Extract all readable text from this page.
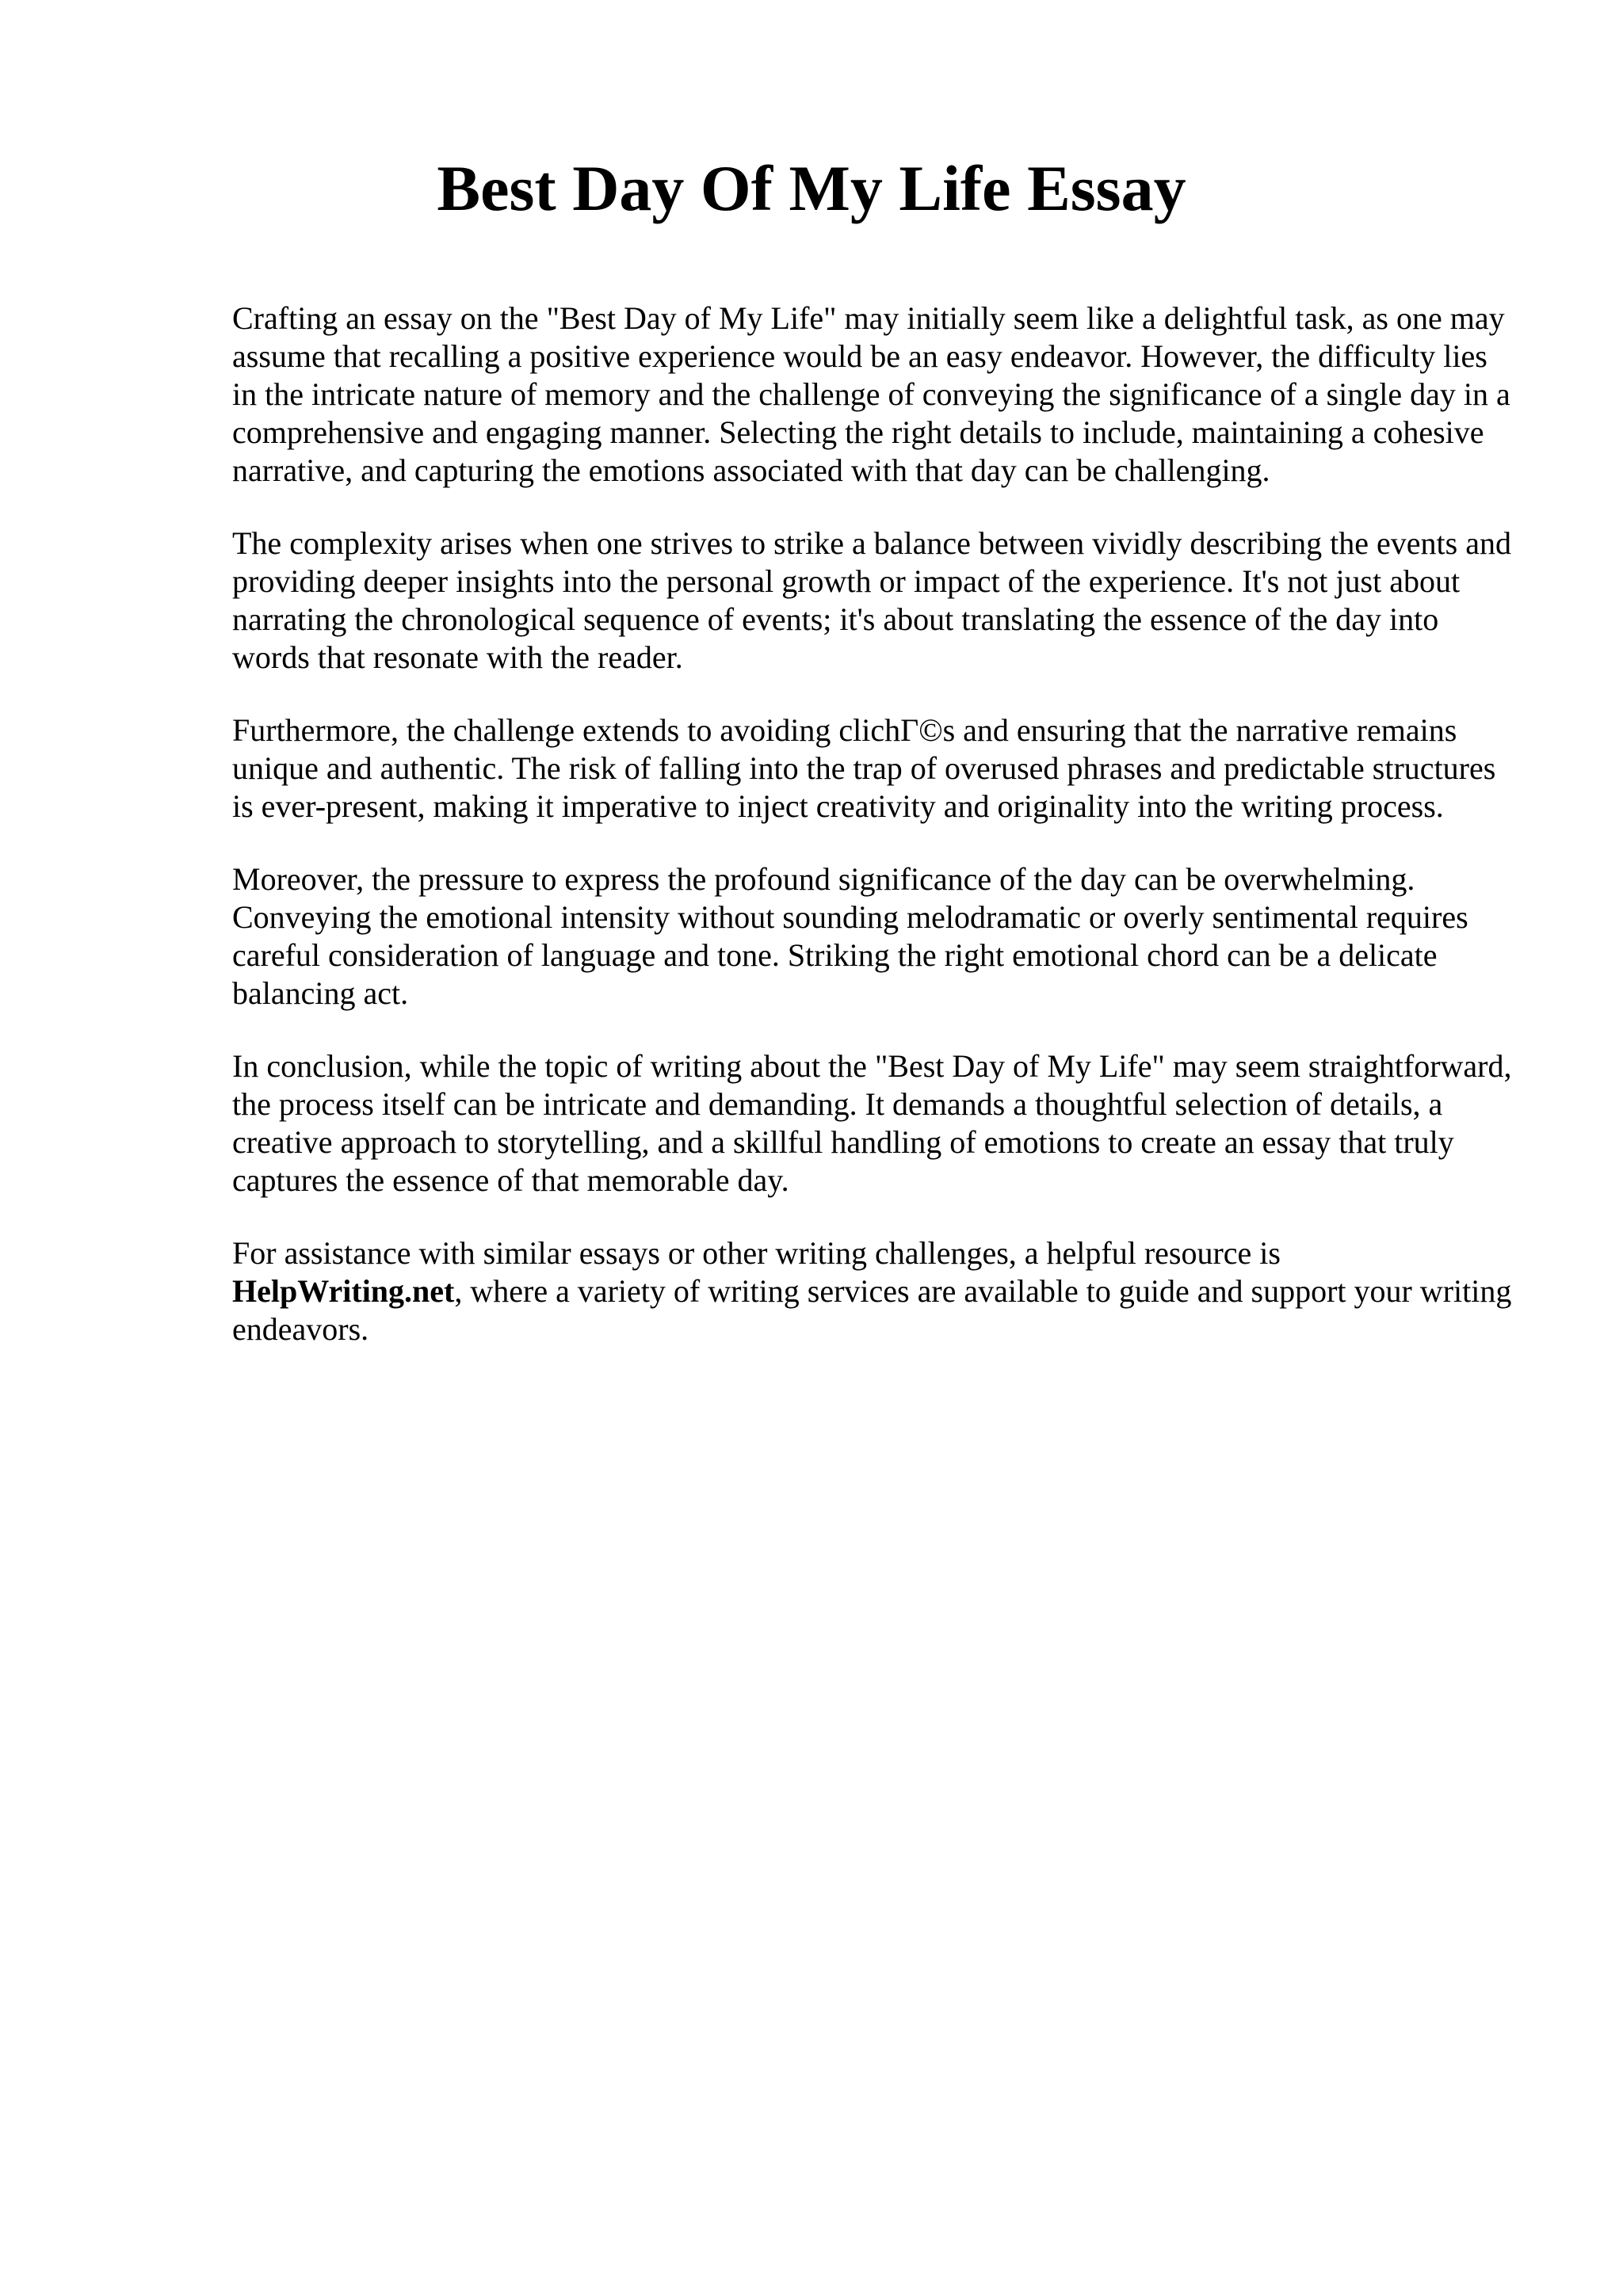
Best Day Of My Life Essay

Crafting an essay on the "Best Day of My Life" may initially seem like a delightful task, as one may assume that recalling a positive experience would be an easy endeavor. However, the difficulty lies in the intricate nature of memory and the challenge of conveying the significance of a single day in a comprehensive and engaging manner. Selecting the right details to include, maintaining a cohesive narrative, and capturing the emotions associated with that day can be challenging.

The complexity arises when one strives to strike a balance between vividly describing the events and providing deeper insights into the personal growth or impact of the experience. It's not just about narrating the chronological sequence of events; it's about translating the essence of the day into words that resonate with the reader.

Furthermore, the challenge extends to avoiding clichΓ©s and ensuring that the narrative remains unique and authentic. The risk of falling into the trap of overused phrases and predictable structures is ever-present, making it imperative to inject creativity and originality into the writing process.

Moreover, the pressure to express the profound significance of the day can be overwhelming. Conveying the emotional intensity without sounding melodramatic or overly sentimental requires careful consideration of language and tone. Striking the right emotional chord can be a delicate balancing act.

In conclusion, while the topic of writing about the "Best Day of My Life" may seem straightforward, the process itself can be intricate and demanding. It demands a thoughtful selection of details, a creative approach to storytelling, and a skillful handling of emotions to create an essay that truly captures the essence of that memorable day.

For assistance with similar essays or other writing challenges, a helpful resource is HelpWriting.net, where a variety of writing services are available to guide and support your writing endeavors.
